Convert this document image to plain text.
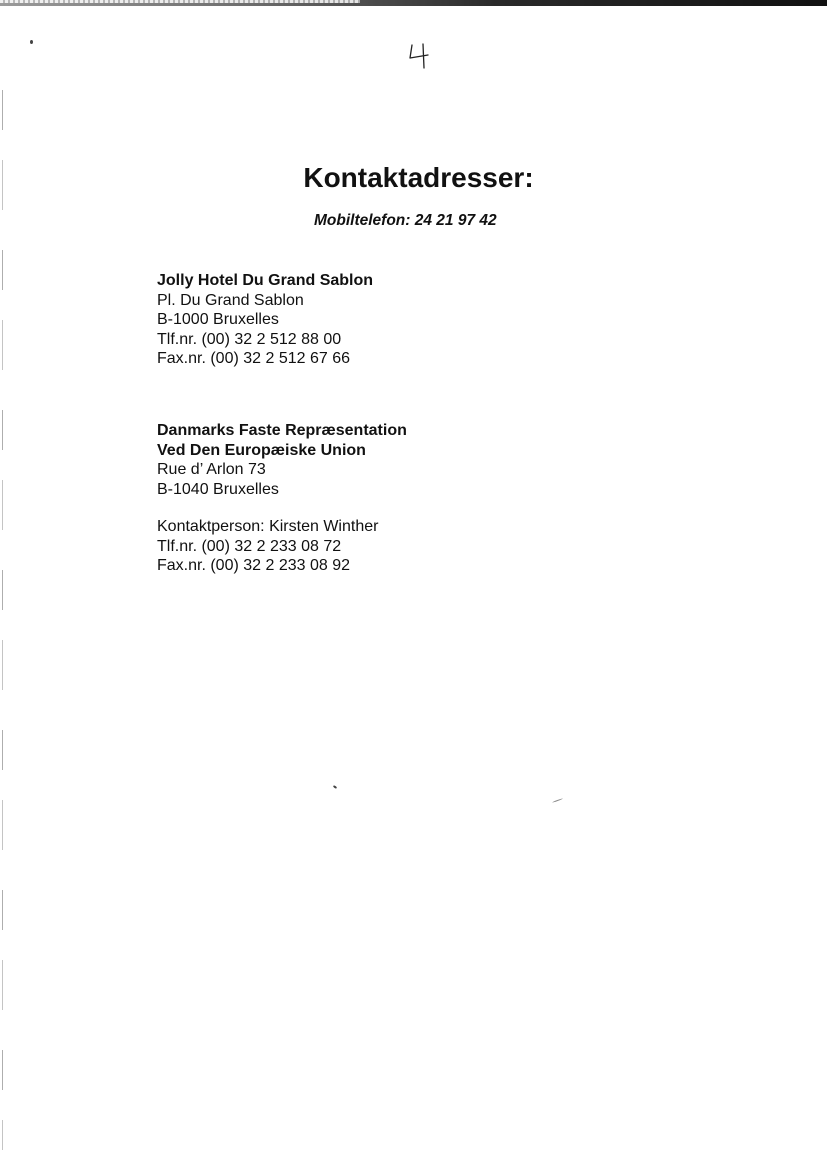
Kontaktadresser:
Mobiltelefon: 24 21 97 42
Jolly Hotel Du Grand Sablon
Pl. Du Grand Sablon
B-1000 Bruxelles
Tlf.nr. (00) 32 2 512 88 00
Fax.nr. (00) 32 2 512 67 66
Danmarks Faste Repræsentation
Ved Den Europæiske Union
Rue d’ Arlon 73
B-1040 Bruxelles
Kontaktperson: Kirsten Winther
Tlf.nr. (00) 32 2 233 08 72
Fax.nr. (00) 32 2 233 08 92
